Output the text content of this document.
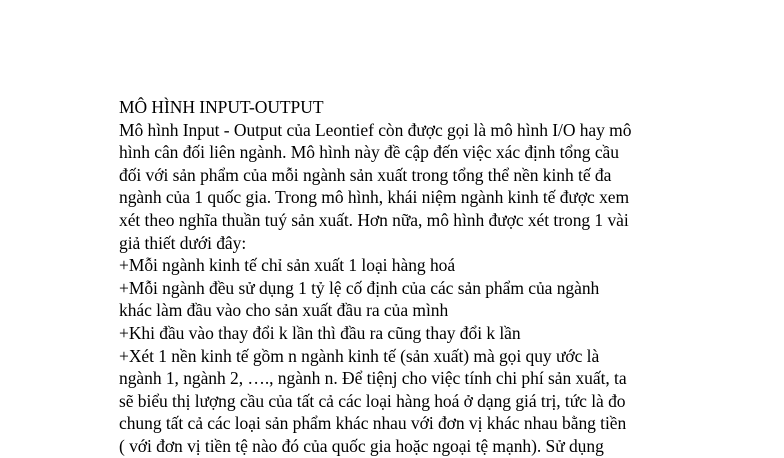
MÔ HÌNH INPUT-OUTPUT
Mô hình Input - Output của Leontief còn được gọi là mô hình I/O hay mô
hình cân đối liên ngành. Mô hình này đề cập đến việc xác định tổng cầu
đối với sản phẩm của mỗi ngành sản xuất trong tổng thể nền kinh tế đa
ngành của 1 quốc gia. Trong mô hình, khái niệm ngành kinh tế được xem
xét theo nghĩa thuần tuý sản xuất. Hơn nữa, mô hình được xét trong 1 vài
giả thiết dưới đây:
+Mỗi ngành kinh tế chỉ sản xuất 1 loại hàng hoá
+Mỗi ngành đều sử dụng 1 tỷ lệ cố định của các sản phẩm của ngành
khác làm đầu vào cho sản xuất đầu ra của mình
+Khi đầu vào thay đổi k lần thì đầu ra cũng thay đổi k lần
+Xét 1 nền kinh tế gồm n ngành kinh tế (sản xuất) mà gọi quy ước là
ngành 1, ngành 2, …., ngành n. Để tiệnj cho việc tính chi phí sản xuất, ta
sẽ biểu thị lượng cầu của tất cả các loại hàng hoá ở dạng giá trị, tức là đo
chung tất cả các loại sản phẩm khác nhau với đơn vị khác nhau bằng tiền
( với đơn vị tiền tệ nào đó của quốc gia hoặc ngoại tệ mạnh). Sử dụng
